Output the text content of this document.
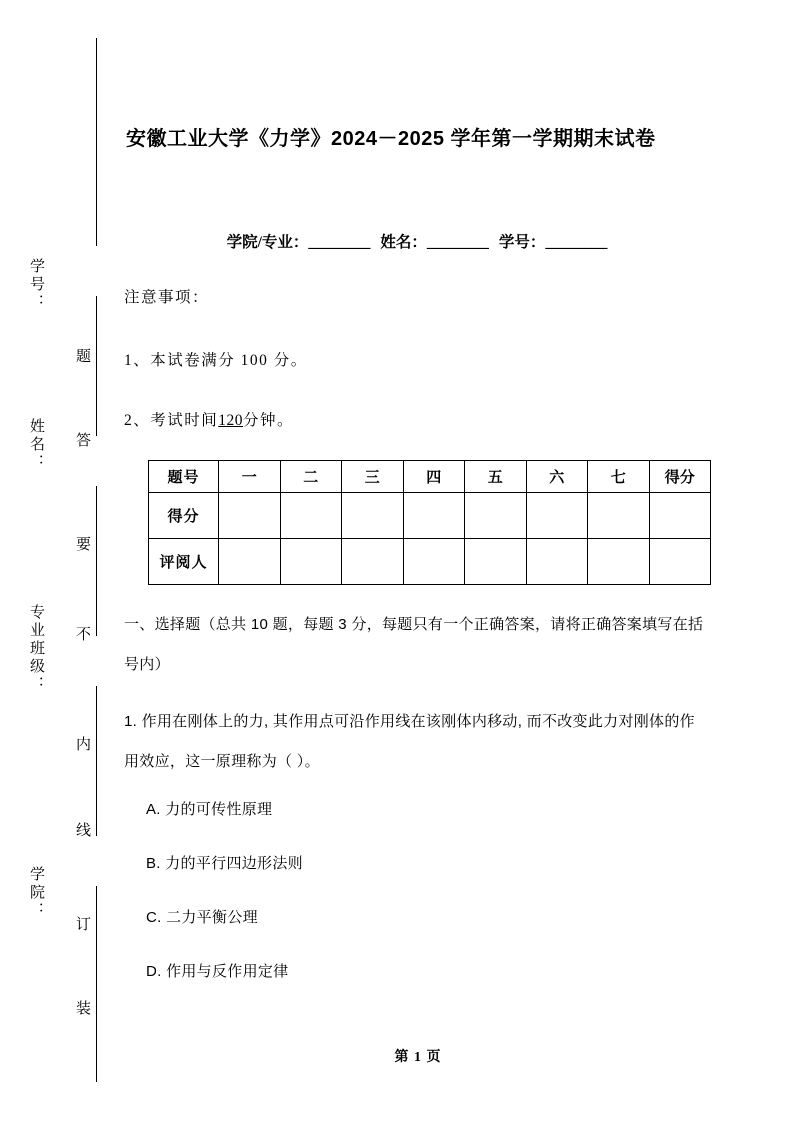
学号：
姓名：
专业班级：
学院：
题
答
要
不
内
线
订
装
安徽工业大学《力学》2024－2025 学年第一学期期末试卷
学院/专业：________ 姓名：________ 学号：________
注意事项：
1、本试卷满分 100 分。
2、考试时间120分钟。
题号	一	二	三	四	五	六	七	得分
得分								
评阅人								
一、选择题（总共 10 题，每题 3 分，每题只有一个正确答案，请将正确答案填写在括号内）
1. 作用在刚体上的力, 其作用点可沿作用线在该刚体内移动, 而不改变此力对刚体的作用效应，这一原理称为（ ）。
A. 力的可传性原理
B. 力的平行四边形法则
C. 二力平衡公理
D. 作用与反作用定律
第 1 页
